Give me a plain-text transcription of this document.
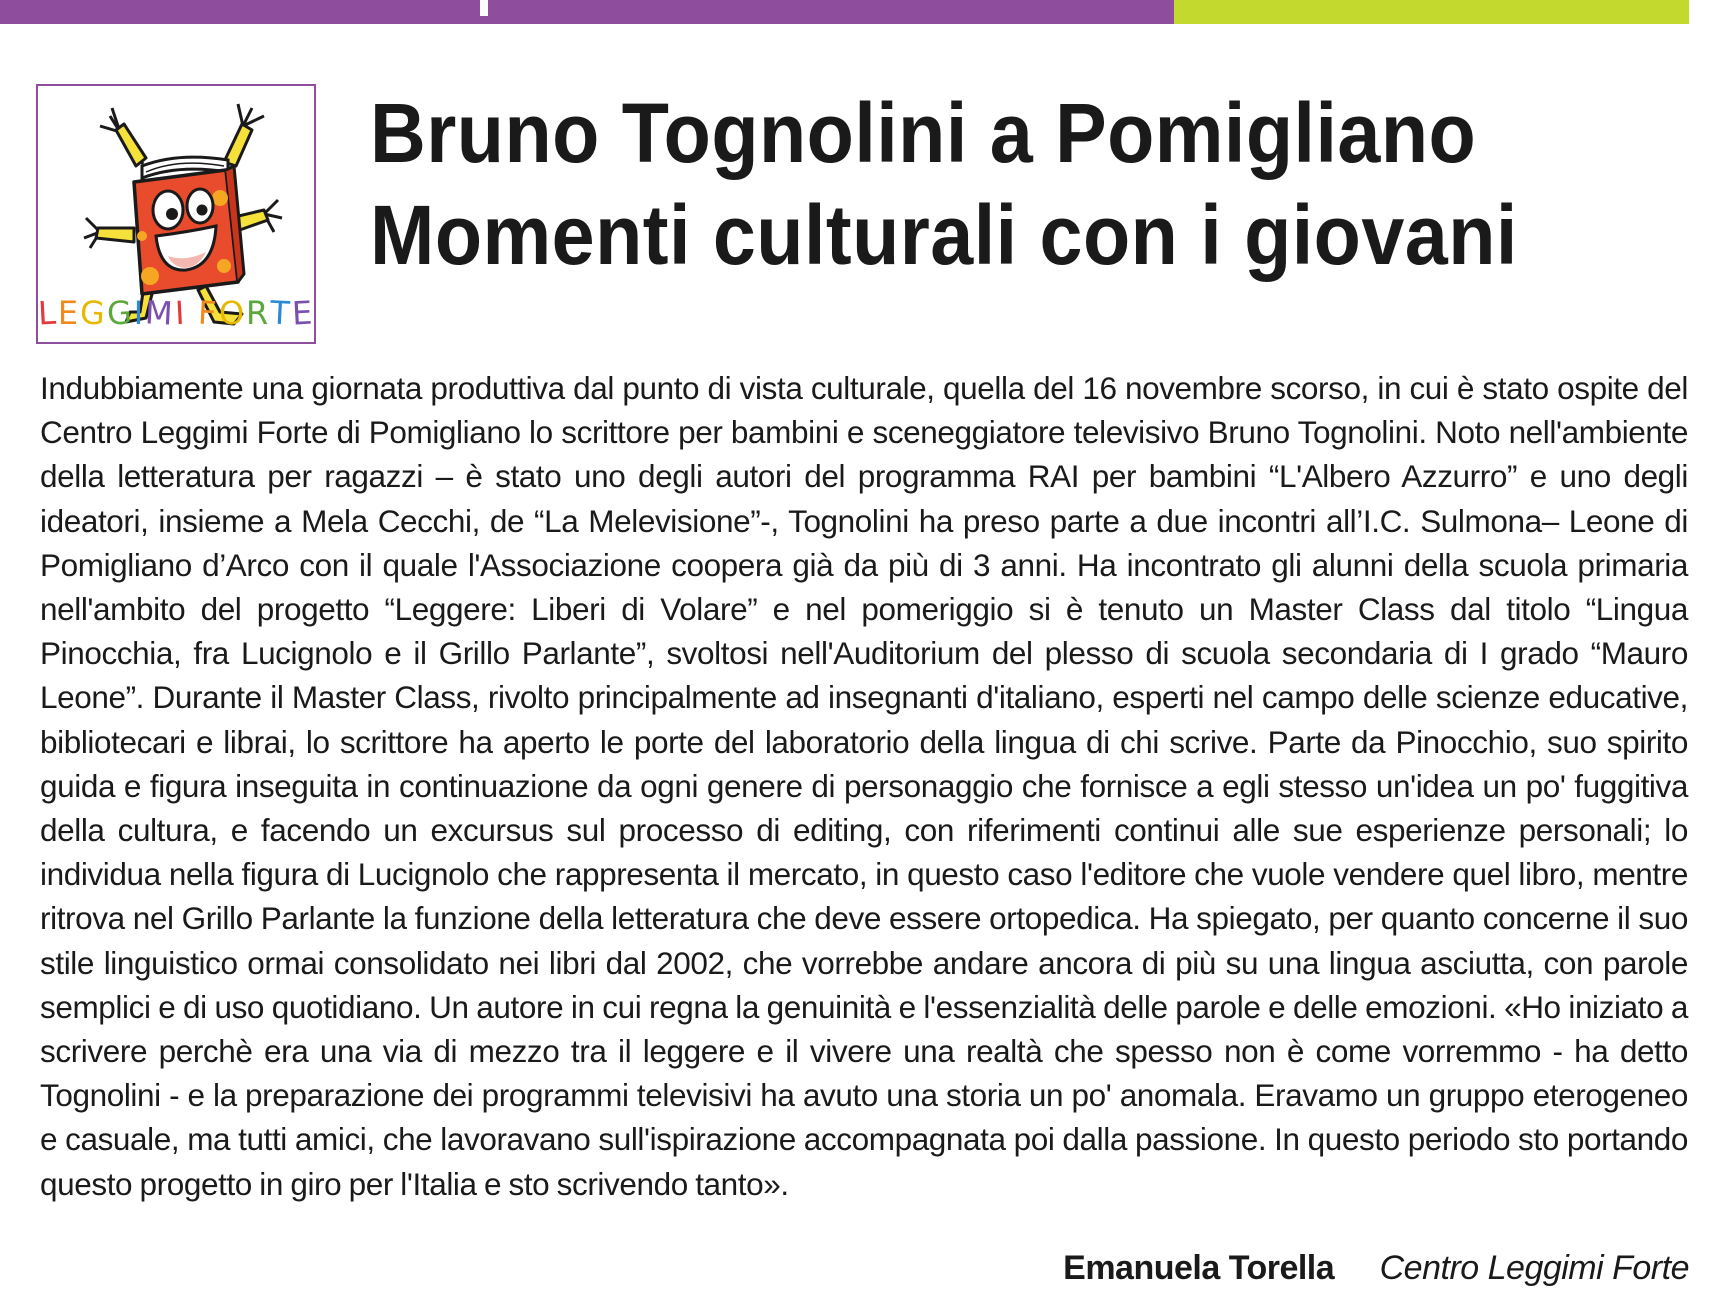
LEGGIMI FORTE
Bruno Tognolini a Pomigliano
Momenti culturali con i giovani

Indubbiamente una giornata produttiva dal punto di vista culturale, quella del 16 novembre scorso, in cui è stato ospite del Centro Leggimi Forte di Pomigliano lo scrittore per bambini e sceneggiatore televisivo Bruno Tognolini. Noto nell'ambiente della letteratura per ragazzi – è stato uno degli autori del programma RAI per bambini “L'Albero Azzurro” e uno degli ideatori, insieme a Mela Cecchi, de “La Melevisione”-, Tognolini ha preso parte a due incontri all’I.C. Sulmona– Leone di Pomigliano d’Arco con il quale l'Associazione coopera già da più di 3 anni. Ha incontrato gli alunni della scuola primaria nell'ambito del progetto “Leggere: Liberi di Volare” e nel pomeriggio si è tenuto un Master Class dal titolo “Lingua Pinocchia, fra Lucignolo e il Grillo Parlante”, svoltosi nell'Auditorium del plesso di scuola secondaria di I grado “Mauro Leone”. Durante il Master Class, rivolto principalmente ad insegnanti d'italiano, esperti nel campo delle scienze educative, bibliotecari e librai, lo scrittore ha aperto le porte del laboratorio della lingua di chi scrive. Parte da Pinocchio, suo spirito guida e figura inseguita in continuazione da ogni genere di personaggio che fornisce a egli stesso un'idea un po' fuggitiva della cultura, e facendo un excursus sul processo di editing, con riferimenti continui alle sue esperienze personali; lo individua nella figura di Lucignolo che rappresenta il mercato, in questo caso l'editore che vuole vendere quel libro, mentre ritrova nel Grillo Parlante la funzione della letteratura che deve essere ortopedica. Ha spiegato, per quanto concerne il suo stile linguistico ormai consolidato nei libri dal 2002, che vorrebbe andare ancora di più su una lingua asciutta, con parole semplici e di uso quotidiano. Un autore in cui regna la genuinità e l'essenzialità delle parole e delle emozioni. «Ho iniziato a scrivere perchè era una via di mezzo tra il leggere e il vivere una realtà che spesso non è come vorremmo - ha detto Tognolini - e la preparazione dei programmi televisivi ha avuto una storia un po' anomala. Eravamo un gruppo eterogeneo e casuale, ma tutti amici, che lavoravano sull'ispirazione accompagnata poi dalla passione. In questo periodo sto portando questo progetto in giro per l'Italia e sto scrivendo tanto».

Emanuela Torella Centro Leggimi Forte
